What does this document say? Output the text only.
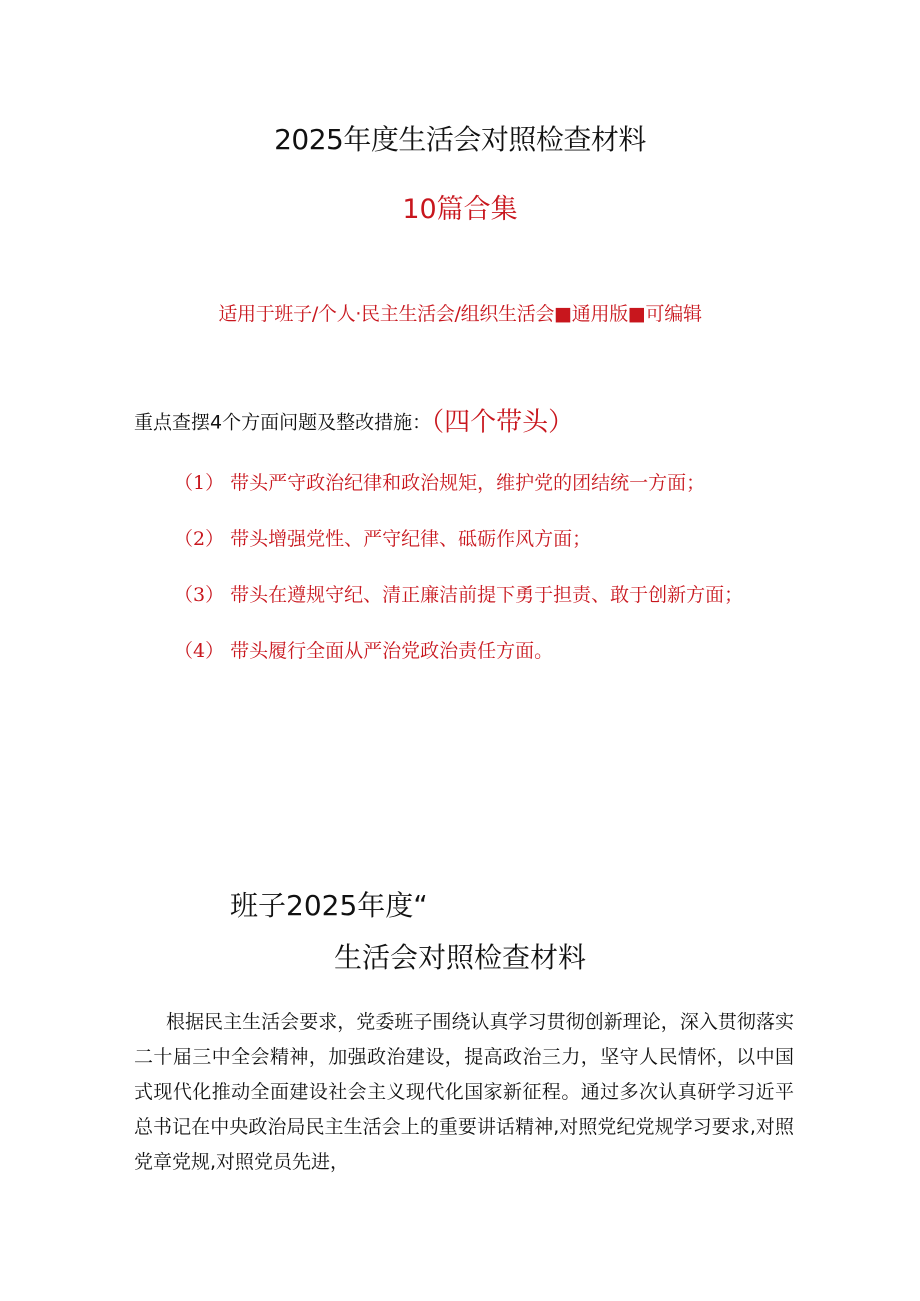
2025年度生活会对照检查材料
10篇合集
适用于班子/个人·民主生活会/组织生活会■通用版■可编辑
重点查摆4个方面问题及整改措施：（四个带头）
（1） 带头严守政治纪律和政治规矩，维护党的团结统一方面；
（2） 带头增强党性、严守纪律、砥砺作风方面；
（3） 带头在遵规守纪、清正廉洁前提下勇于担责、敢于创新方面；
（4） 带头履行全面从严治党政治责任方面。
班子2025年度“
生活会对照检查材料

根据民主生活会要求，党委班子围绕认真学习贯彻创新理论，深入贯彻落实二十届三中全会精神，加强政治建设，提高政治三力，坚守人民情怀，以中国式现代化推动全面建设社会主义现代化国家新征程。通过多次认真研学习近平总书记在中央政治局民主生活会上的重要讲话精神,对照党纪党规学习要求,对照党章党规,对照党员先进，
